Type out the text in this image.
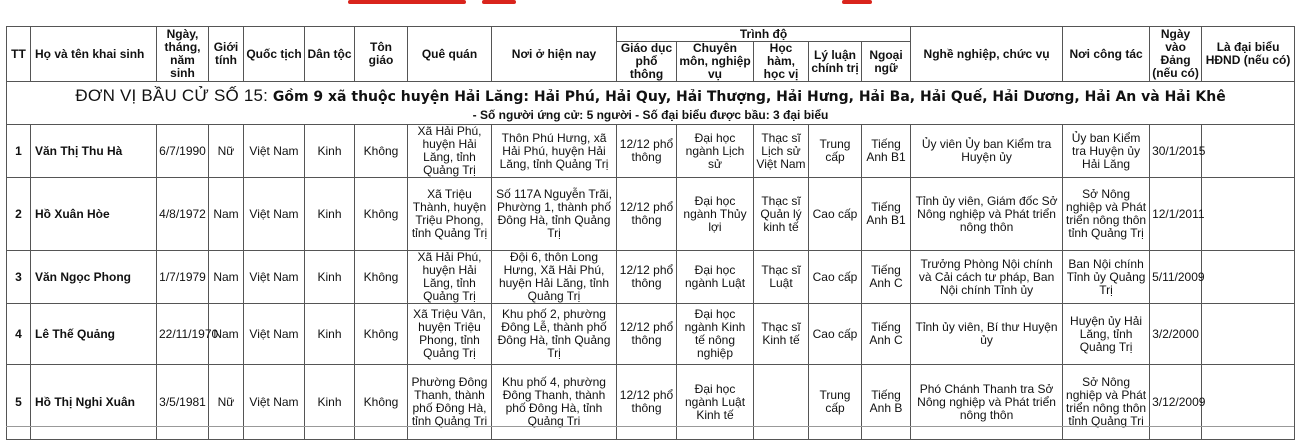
TT	Họ và tên khai sinh	Ngày, tháng, năm sinh	Giới tính	Quốc tịch	Dân tộc	Tôn giáo	Quê quán	Nơi ở hiện nay	Trình độ					Nghề nghiệp, chức vụ	Nơi công tác	Ngày vào Đảng (nếu có)	Là đại biểu HĐND (nếu có)
									Giáo dục phổ thông	Chuyên môn, nghiệp vụ	Học hàm, học vị	Lý luận chính trị	Ngoại ngữ				

ĐƠN VỊ BẦU CỬ SỐ 15: Gồm 9 xã thuộc huyện Hải Lăng: Hải Phú, Hải Quy, Hải Thượng, Hải Hưng, Hải Ba, Hải Quế, Hải Dương, Hải An và Hải Khê
- Số người ứng cử: 5 người - Số đại biểu được bầu: 3 đại biểu																	

1	Văn Thị Thu Hà	6/7/1990	Nữ	Việt Nam	Kinh	Không	Xã Hải Phú, huyện Hải Lăng, tỉnh Quảng Trị	Thôn Phú Hưng, xã Hải Phú, huyện Hải Lăng, tỉnh Quảng Trị	12/12 phổ thông	Đại học ngành Lịch sử	Thạc sĩ Lịch sử Việt Nam	Trung cấp	Tiếng Anh B1	Ủy viên Ủy ban Kiểm tra Huyện ủy	Ủy ban Kiểm tra Huyện ủy Hải Lăng	30/1/2015	
2	Hồ Xuân Hòe	4/8/1972	Nam	Việt Nam	Kinh	Không	Xã Triệu Thành, huyện Triệu Phong, tỉnh Quảng Trị	Số 117A Nguyễn Trãi, Phường 1, thành phố Đông Hà, tỉnh Quảng Trị	12/12 phổ thông	Đại học ngành Thủy lợi	Thạc sĩ Quản lý kinh tế	Cao cấp	Tiếng Anh B1	Tỉnh ủy viên, Giám đốc Sở Nông nghiệp và Phát triển nông thôn	Sở Nông nghiệp và Phát triển nông thôn tỉnh Quảng Trị	12/1/2011	
3	Văn Ngọc Phong	1/7/1979	Nam	Việt Nam	Kinh	Không	Xã Hải Phú, huyện Hải Lăng, tỉnh Quảng Trị	Đội 6, thôn Long Hưng, Xã Hải Phú, huyện Hải Lăng, tỉnh Quảng Trị	12/12 phổ thông	Đại học ngành Luật	Thạc sĩ Luật	Cao cấp	Tiếng Anh C	Trưởng Phòng Nội chính và Cải cách tư pháp, Ban Nội chính Tỉnh ủy	Ban Nội chính Tỉnh ủy Quảng Trị	5/11/2009	
4	Lê Thế Quảng	22/11/1970	Nam	Việt Nam	Kinh	Không	Xã Triệu Vân, huyện Triệu Phong, tỉnh Quảng Trị	Khu phố 2, phường Đông Lễ, thành phố Đông Hà, tỉnh Quảng Trị	12/12 phổ thông	Đại học ngành Kinh tế nông nghiệp	Thạc sĩ Kinh tế	Cao cấp	Tiếng Anh C	Tỉnh ủy viên, Bí thư Huyện ủy	Huyện ủy Hải Lăng, tỉnh Quảng Trị	3/2/2000	
5	Hồ Thị Nghi Xuân	3/5/1981	Nữ	Việt Nam	Kinh	Không	Phường Đông Thanh, thành phố Đông Hà, tỉnh Quảng Trị	Khu phố 4, phường Đông Thanh, thành phố Đông Hà, tỉnh Quảng Trị	12/12 phổ thông	Đại học ngành Luật Kinh tế		Trung cấp	Tiếng Anh B	Phó Chánh Thanh tra Sở Nông nghiệp và Phát triển nông thôn	Sở Nông nghiệp và Phát triển nông thôn tỉnh Quảng Trị	3/12/2009	
